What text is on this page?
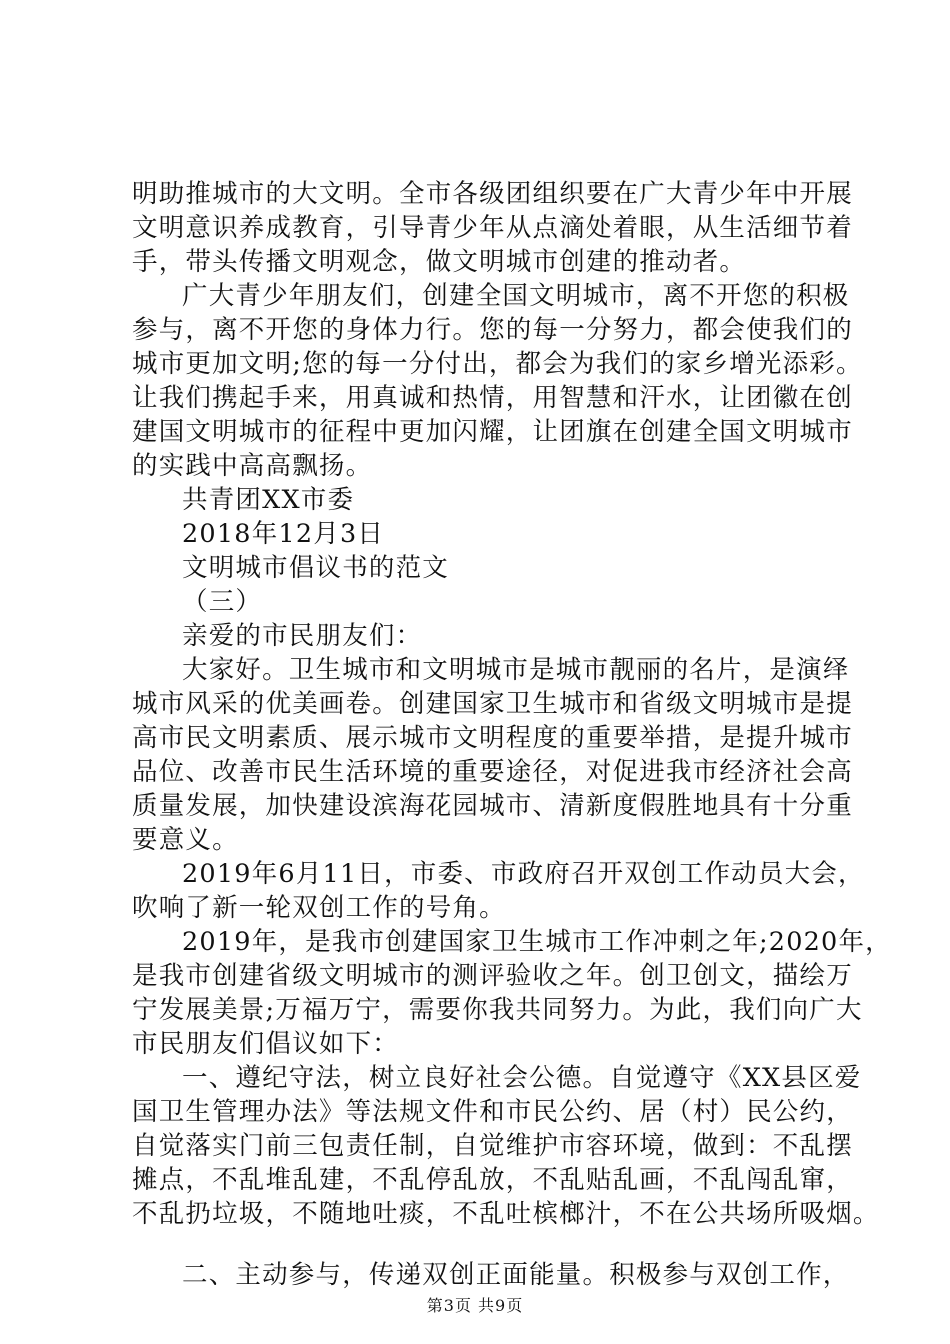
明助推城市的大文明。全市各级团组织要在广大青少年中开展
文明意识养成教育，引导青少年从点滴处着眼，从生活细节着
手，带头传播文明观念，做文明城市创建的推动者。
广大青少年朋友们，创建全国文明城市，离不开您的积极
参与，离不开您的身体力行。您的每一分努力，都会使我们的
城市更加文明;您的每一分付出，都会为我们的家乡增光添彩。
让我们携起手来，用真诚和热情，用智慧和汗水，让团徽在创
建国文明城市的征程中更加闪耀，让团旗在创建全国文明城市
的实践中高高飘扬。
共青团XX市委
2018年12月3日
文明城市倡议书的范文
（三）
亲爱的市民朋友们：
大家好。卫生城市和文明城市是城市靓丽的名片，是演绎
城市风采的优美画卷。创建国家卫生城市和省级文明城市是提
高市民文明素质、展示城市文明程度的重要举措，是提升城市
品位、改善市民生活环境的重要途径，对促进我市经济社会高
质量发展，加快建设滨海花园城市、清新度假胜地具有十分重
要意义。
2019年6月11日，市委、市政府召开双创工作动员大会，
吹响了新一轮双创工作的号角。
2019年，是我市创建国家卫生城市工作冲刺之年;2020年，
是我市创建省级文明城市的测评验收之年。创卫创文，描绘万
宁发展美景;万福万宁，需要你我共同努力。为此，我们向广大
市民朋友们倡议如下：
一、遵纪守法，树立良好社会公德。自觉遵守《XX县区爱
国卫生管理办法》等法规文件和市民公约、居（村）民公约，
自觉落实门前三包责任制，自觉维护市容环境，做到：不乱摆
摊点，不乱堆乱建，不乱停乱放，不乱贴乱画，不乱闯乱窜，
不乱扔垃圾，不随地吐痰，不乱吐槟榔汁，不在公共场所吸烟。
二、主动参与，传递双创正面能量。积极参与双创工作，
第3页 共9页
